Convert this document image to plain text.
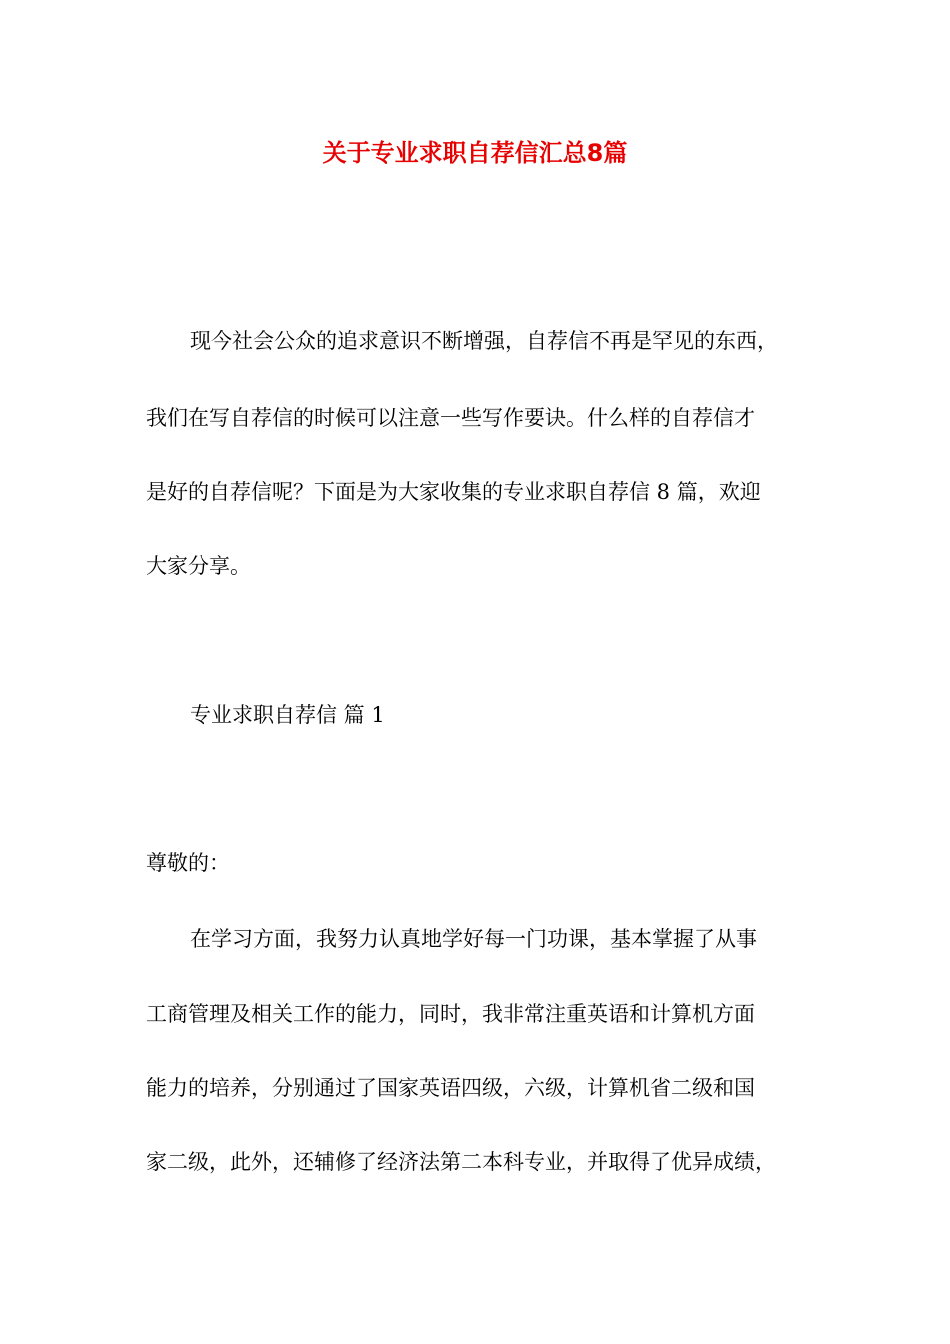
关于专业求职自荐信汇总8篇
现今社会公众的追求意识不断增强，自荐信不再是罕见的东西，
我们在写自荐信的时候可以注意一些写作要诀。什么样的自荐信才
是好的自荐信呢？下面是为大家收集的专业求职自荐信 8 篇，欢迎
大家分享。
专业求职自荐信 篇 1
尊敬的：
在学习方面，我努力认真地学好每一门功课，基本掌握了从事
工商管理及相关工作的能力，同时，我非常注重英语和计算机方面
能力的培养，分别通过了国家英语四级，六级，计算机省二级和国
家二级，此外，还辅修了经济法第二本科专业，并取得了优异成绩，
